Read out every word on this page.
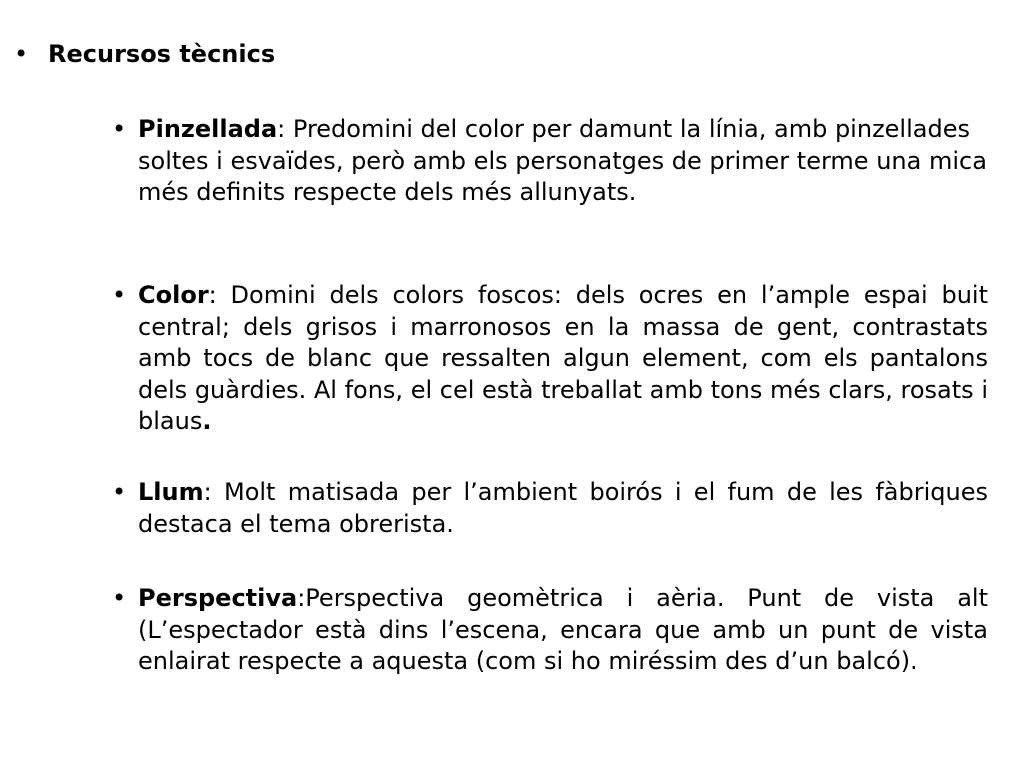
• Recursos tècnics
• Pinzellada: Predomini del color per damunt la línia, amb pinzellades soltes i esvaïdes, però amb els personatges de primer terme una mica més definits respecte dels més allunyats.
• Color: Domini dels colors foscos: dels ocres en l’ample espai buit central; dels grisos i marronosos en la massa de gent, contrastats amb tocs de blanc que ressalten algun element, com els pantalons dels guàrdies. Al fons, el cel està treballat amb tons més clars, rosats i blaus.
• Llum: Molt matisada per l’ambient boirós i el fum de les fàbriques destaca el tema obrerista.
• Perspectiva:Perspectiva geomètrica i aèria. Punt de vista alt (L’espectador està dins l’escena, encara que amb un punt de vista enlairat respecte a aquesta (com si ho miréssim des d’un balcó).
